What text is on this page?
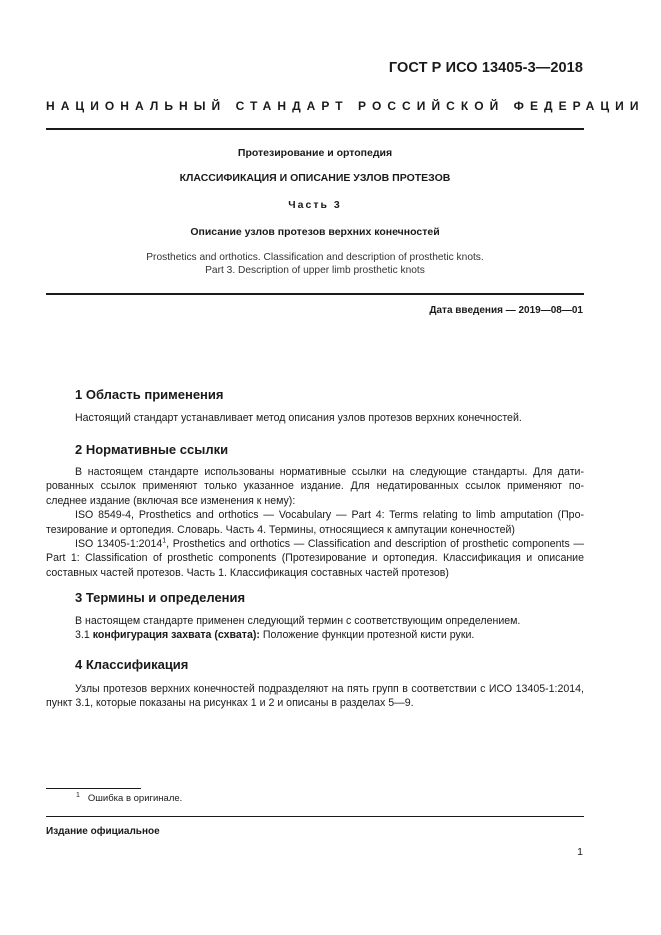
ГОСТ Р ИСО 13405-3—2018
НАЦИОНАЛЬНЫЙ СТАНДАРТ РОССИЙСКОЙ ФЕДЕРАЦИИ
Протезирование и ортопедия
КЛАССИФИКАЦИЯ И ОПИСАНИЕ УЗЛОВ ПРОТЕЗОВ
Часть 3
Описание узлов протезов верхних конечностей
Prosthetics and orthotics. Classification and description of prosthetic knots.
Part 3. Description of upper limb prosthetic knots
Дата введения — 2019—08—01
1 Область применения
Настоящий стандарт устанавливает метод описания узлов протезов верхних конечностей.
2 Нормативные ссылки
В настоящем стандарте использованы нормативные ссылки на следующие стандарты. Для дати-
рованных ссылок применяют только указанное издание. Для недатированных ссылок применяют по-
следнее издание (включая все изменения к нему):
ISO 8549-4, Prosthetics and orthotics — Vocabulary — Part 4: Terms relating to limb amputation (Про-
тезирование и ортопедия. Словарь. Часть 4. Термины, относящиеся к ампутации конечностей)
ISO 13405-1:2014$^1$, Prosthetics and orthotics — Classification and description of prosthetic components —
Part 1: Classification of prosthetic components (Протезирование и ортопедия. Классификация и описание
составных частей протезов. Часть 1. Классификация составных частей протезов)
3 Термины и определения
В настоящем стандарте применен следующий термин с соответствующим определением.
3.1 конфигурация захвата (схвата): Положение функции протезной кисти руки.
4 Классификация
Узлы протезов верхних конечностей подразделяют на пять групп в соответствии с ИСО 13405-1:2014,
пункт 3.1, которые показаны на рисунках 1 и 2 и описаны в разделах 5—9.
$^1$ Ошибка в оригинале.
Издание официальное
1
